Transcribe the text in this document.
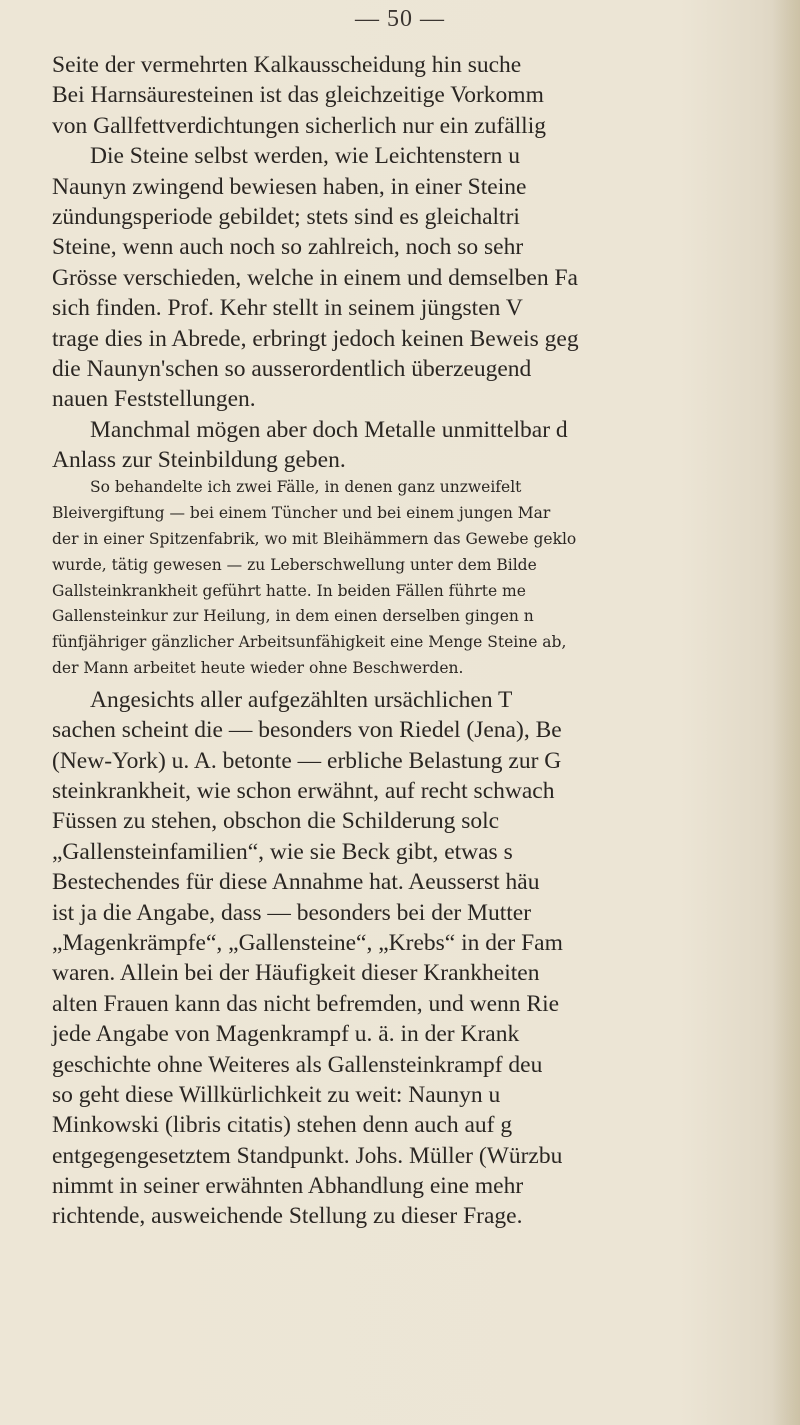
— 50 —
Seite der vermehrten Kalkausscheidung hin suche
Bei Harnsäuresteinen ist das gleichzeitige Vorkomm
von Gallfettverdichtungen sicherlich nur ein zufällig
Die Steine selbst werden, wie Leichtenstern u
Naunyn zwingend bewiesen haben, in einer Steine
zündungsperiode gebildet; stets sind es gleichaltri
Steine, wenn auch noch so zahlreich, noch so sehr
Grösse verschieden, welche in einem und demselben Fa
sich finden. Prof. Kehr stellt in seinem jüngsten V
trage dies in Abrede, erbringt jedoch keinen Beweis geg
die Naunyn'schen so ausserordentlich überzeugend
nauen Feststellungen.
Manchmal mögen aber doch Metalle unmittelbar d
Anlass zur Steinbildung geben.
So behandelte ich zwei Fälle, in denen ganz unzweifelt
Bleivergiftung — bei einem Tüncher und bei einem jungen Mar
der in einer Spitzenfabrik, wo mit Bleihämmern das Gewebe geklo
wurde, tätig gewesen — zu Leberschwellung unter dem Bilde
Gallsteinkrankheit geführt hatte. In beiden Fällen führte me
Gallensteinkur zur Heilung, in dem einen derselben gingen n
fünfjähriger gänzlicher Arbeitsunfähigkeit eine Menge Steine ab,
der Mann arbeitet heute wieder ohne Beschwerden.
Angesichts aller aufgezählten ursächlichen T
sachen scheint die — besonders von Riedel (Jena), Be
(New-York) u. A. betonte — erbliche Belastung zur G
steinkrankheit, wie schon erwähnt, auf recht schwach
Füssen zu stehen, obschon die Schilderung solc
„Gallensteinfamilien“, wie sie Beck gibt, etwas s
Bestechendes für diese Annahme hat. Aeusserst häu
ist ja die Angabe, dass — besonders bei der Mutter
„Magenkrämpfe“, „Gallensteine“, „Krebs“ in der Fam
waren. Allein bei der Häufigkeit dieser Krankheiten
alten Frauen kann das nicht befremden, und wenn Rie
jede Angabe von Magenkrampf u. ä. in der Krank
geschichte ohne Weiteres als Gallensteinkrampf deu
so geht diese Willkürlichkeit zu weit: Naunyn u
Minkowski (libris citatis) stehen denn auch auf g
entgegengesetztem Standpunkt. Johs. Müller (Würzbu
nimmt in seiner erwähnten Abhandlung eine mehr
richtende, ausweichende Stellung zu dieser Frage.
